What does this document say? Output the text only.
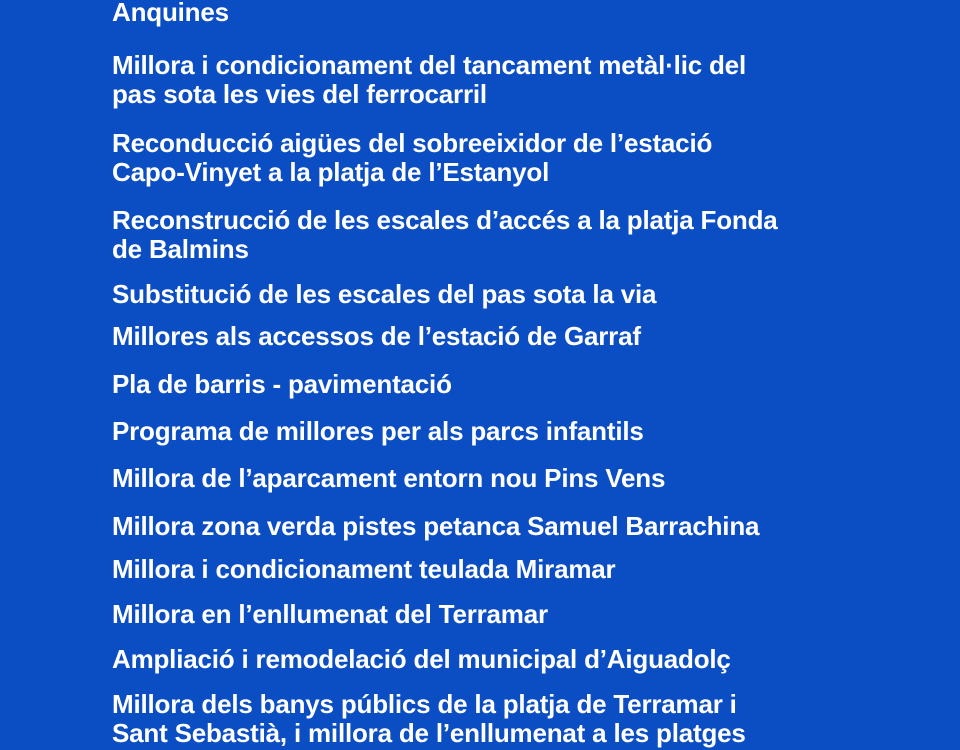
Anquines
Millora i condicionament del tancament metàl·lic del
pas sota les vies del ferrocarril
Reconducció aigües del sobreeixidor de l’estació
Capo-Vinyet a la platja de l’Estanyol
Reconstrucció de les escales d’accés a la platja Fonda
de Balmins
Substitució de les escales del pas sota la via
Millores als accessos de l’estació de Garraf
Pla de barris - pavimentació
Programa de millores per als parcs infantils
Millora de l’aparcament entorn nou Pins Vens
Millora zona verda pistes petanca Samuel Barrachina
Millora i condicionament teulada Miramar
Millora en l’enllumenat del Terramar
Ampliació i remodelació del municipal d’Aiguadolç
Millora dels banys públics de la platja de Terramar i
Sant Sebastià, i millora de l’enllumenat a les platges
